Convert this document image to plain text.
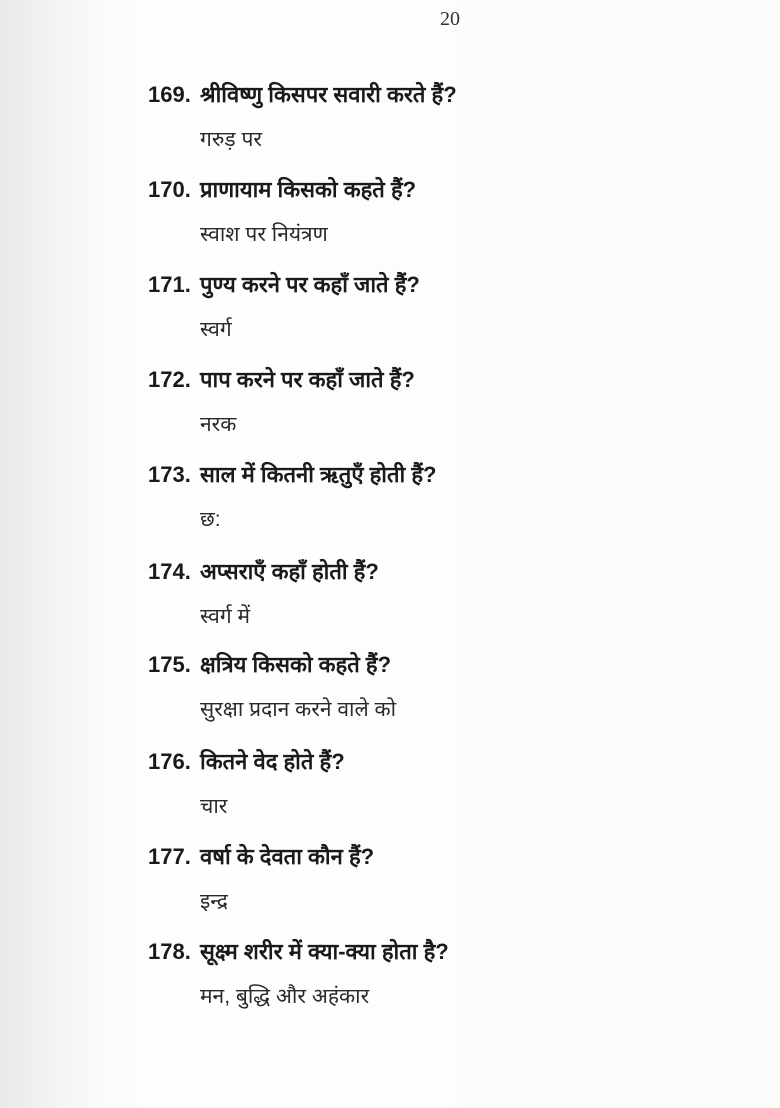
20
169. श्रीविष्णु किसपर सवारी करते हैं?
गरुड़ पर
170. प्राणायाम किसको कहते हैं?
स्वाश पर नियंत्रण
171. पुण्य करने पर कहाँ जाते हैं?
स्वर्ग
172. पाप करने पर कहाँ जाते हैं?
नरक
173. साल में कितनी ऋतुएँ होती हैं?
छ:
174. अप्सराएँ कहाँ होती हैं?
स्वर्ग में
175. क्षत्रिय किसको कहते हैं?
सुरक्षा प्रदान करने वाले को
176. कितने वेद होते हैं?
चार
177. वर्षा के देवता कौन हैं?
इन्द्र
178. सूक्ष्म शरीर में क्या-क्या होता है?
मन, बुद्धि और अहंकार
